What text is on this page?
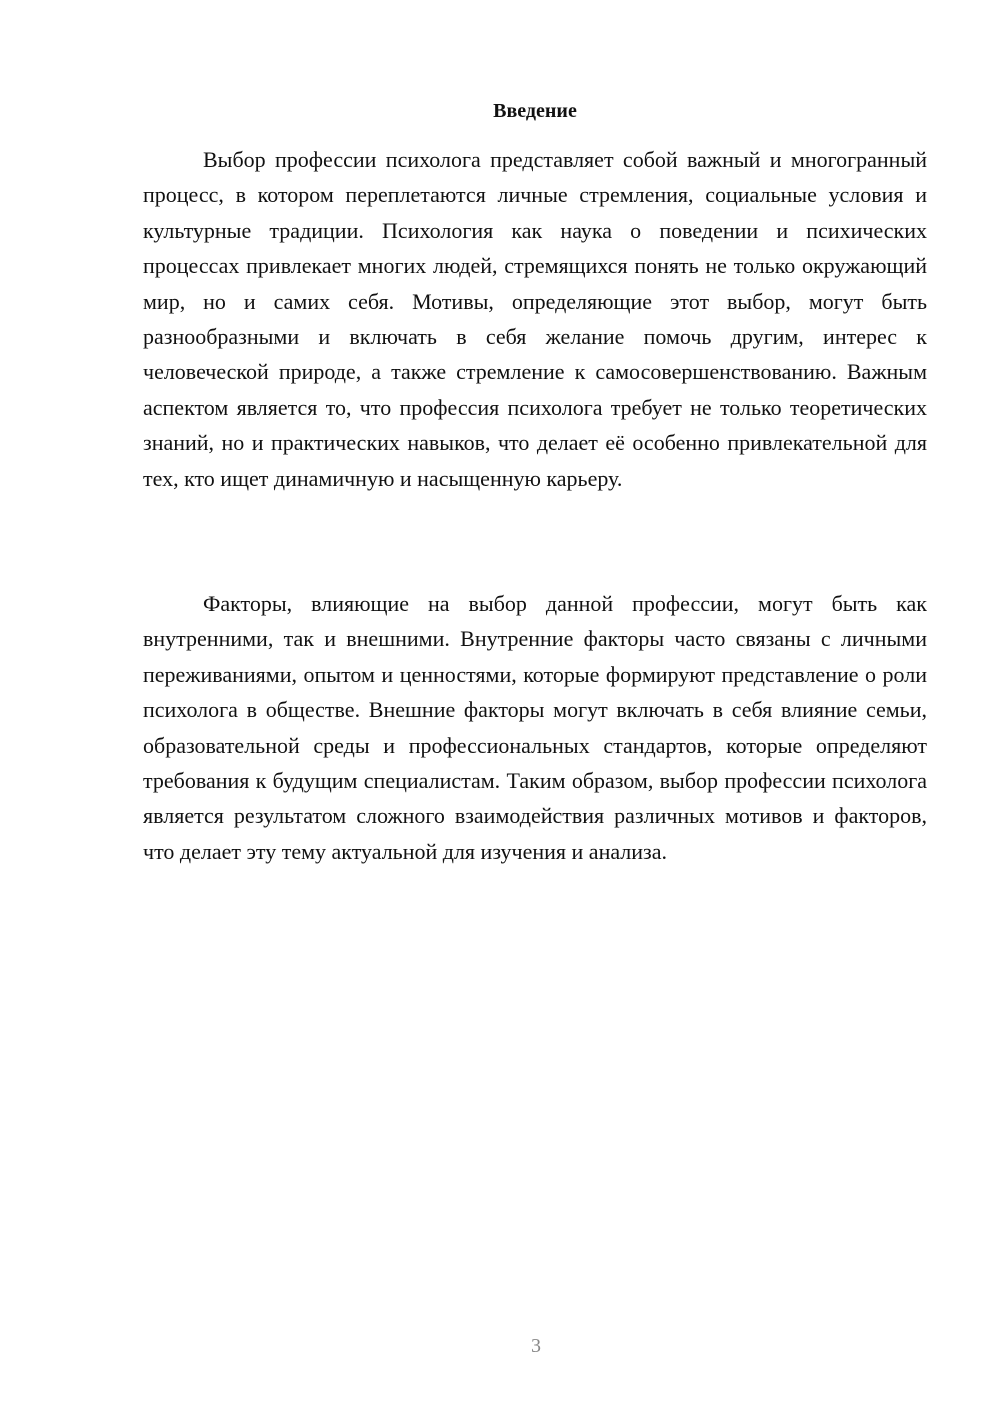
Введение

Выбор профессии психолога представляет собой важный и многогранный процесс, в котором переплетаются личные стремления, социальные условия и культурные традиции. Психология как наука о поведении и психических процессах привлекает многих людей, стремящихся понять не только окружающий мир, но и самих себя. Мотивы, определяющие этот выбор, могут быть разнообразными и включать в себя желание помочь другим, интерес к человеческой природе, а также стремление к самосовершенствованию. Важным аспектом является то, что профессия психолога требует не только теоретических знаний, но и практических навыков, что делает её особенно привлекательной для тех, кто ищет динамичную и насыщенную карьеру.

Факторы, влияющие на выбор данной профессии, могут быть как внутренними, так и внешними. Внутренние факторы часто связаны с личными переживаниями, опытом и ценностями, которые формируют представление о роли психолога в обществе. Внешние факторы могут включать в себя влияние семьи, образовательной среды и профессиональных стандартов, которые определяют требования к будущим специалистам. Таким образом, выбор профессии психолога является результатом сложного взаимодействия различных мотивов и факторов, что делает эту тему актуальной для изучения и анализа.

3
